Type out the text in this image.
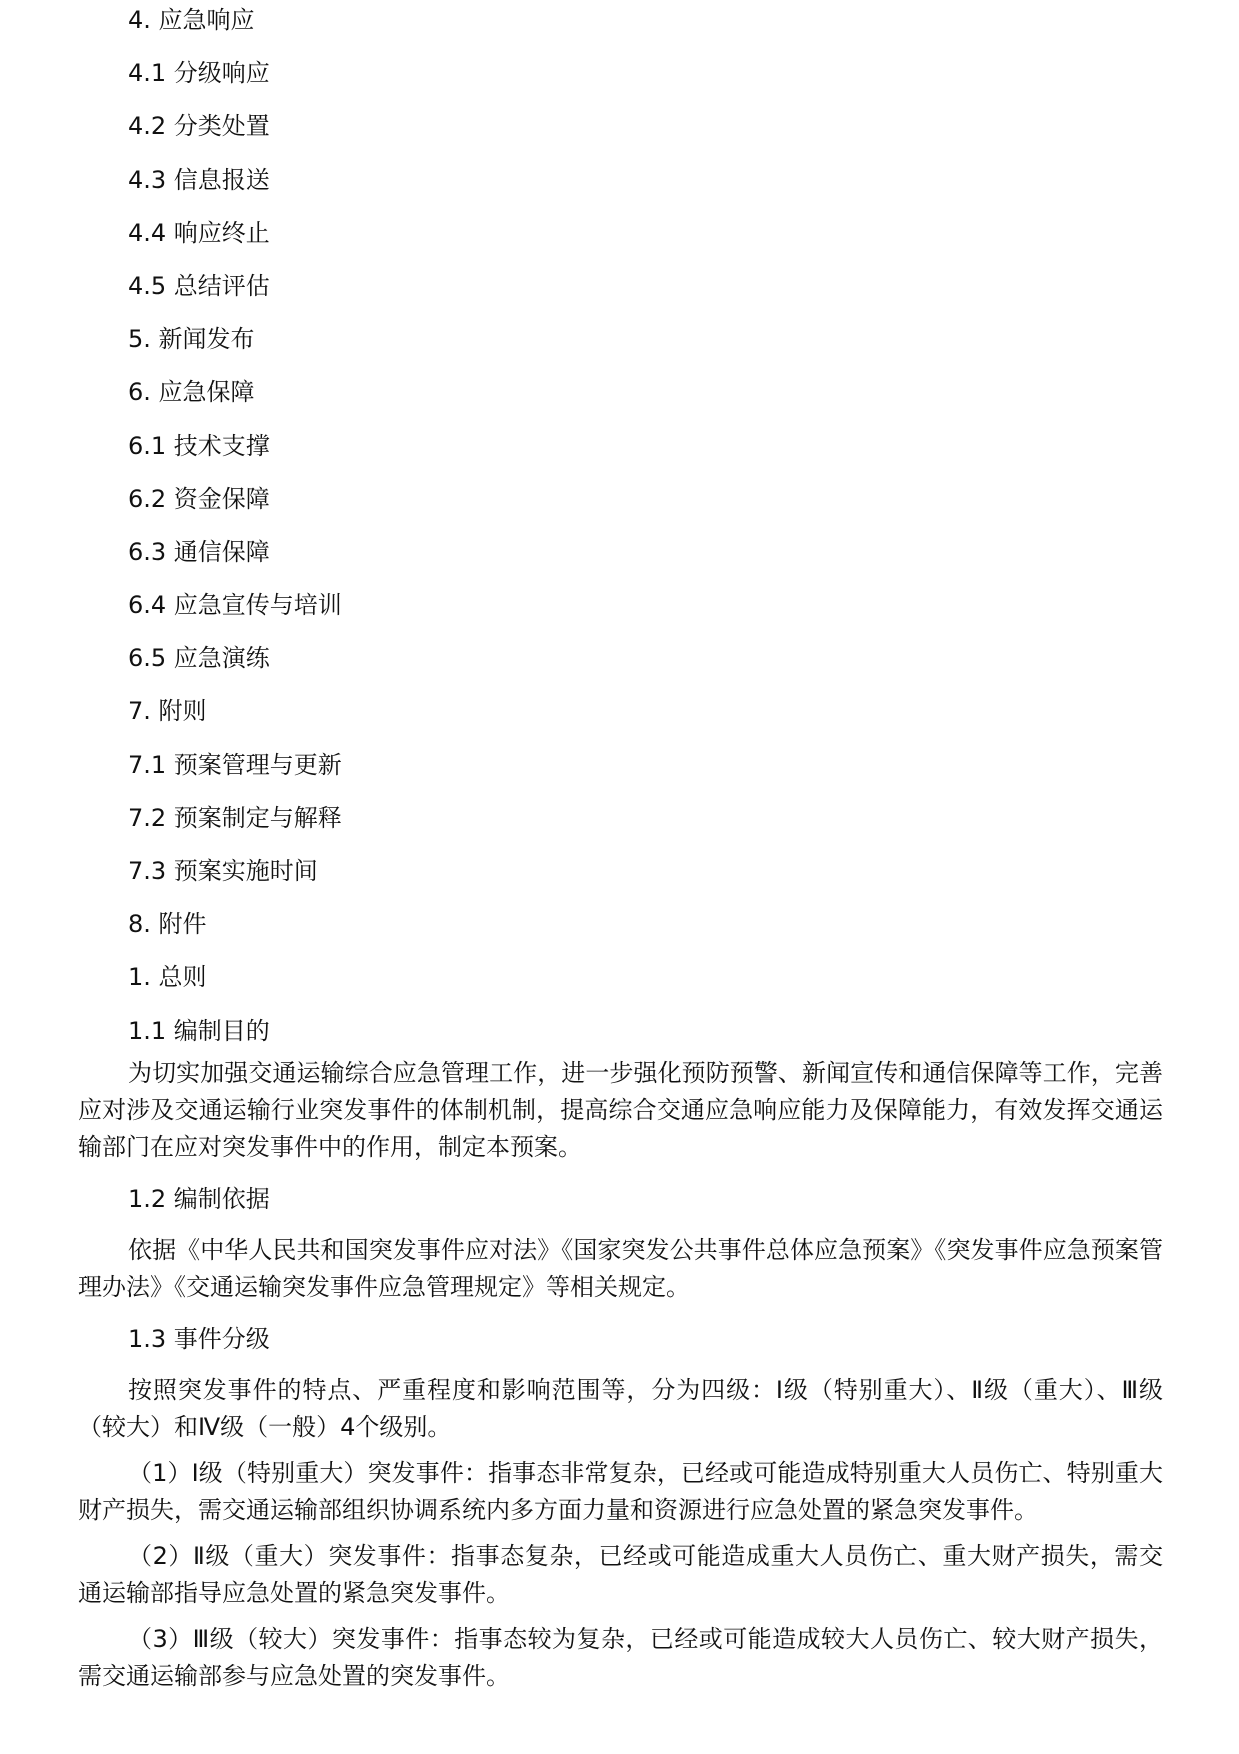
4. 应急响应
4.1 分级响应
4.2 分类处置
4.3 信息报送
4.4 响应终止
4.5 总结评估
5. 新闻发布
6. 应急保障
6.1 技术支撑
6.2 资金保障
6.3 通信保障
6.4 应急宣传与培训
6.5 应急演练
7. 附则
7.1 预案管理与更新
7.2 预案制定与解释
7.3 预案实施时间
8. 附件
1. 总则
1.1 编制目的

为切实加强交通运输综合应急管理工作，进一步强化预防预警、新闻宣传和通信保障等工作，完善应对涉及交通运输行业突发事件的体制机制，提高综合交通应急响应能力及保障能力，有效发挥交通运输部门在应对突发事件中的作用，制定本预案。

1.2 编制依据

依据《中华人民共和国突发事件应对法》《国家突发公共事件总体应急预案》《突发事件应急预案管理办法》《交通运输突发事件应急管理规定》等相关规定。

1.3 事件分级

按照突发事件的特点、严重程度和影响范围等，分为四级：Ⅰ级（特别重大）、Ⅱ级（重大）、Ⅲ级（较大）和Ⅳ级（一般）4个级别。

（1）Ⅰ级（特别重大）突发事件：指事态非常复杂，已经或可能造成特别重大人员伤亡、特别重大财产损失，需交通运输部组织协调系统内多方面力量和资源进行应急处置的紧急突发事件。

（2）Ⅱ级（重大）突发事件：指事态复杂，已经或可能造成重大人员伤亡、重大财产损失，需交通运输部指导应急处置的紧急突发事件。

（3）Ⅲ级（较大）突发事件：指事态较为复杂，已经或可能造成较大人员伤亡、较大财产损失，需交通运输部参与应急处置的突发事件。
